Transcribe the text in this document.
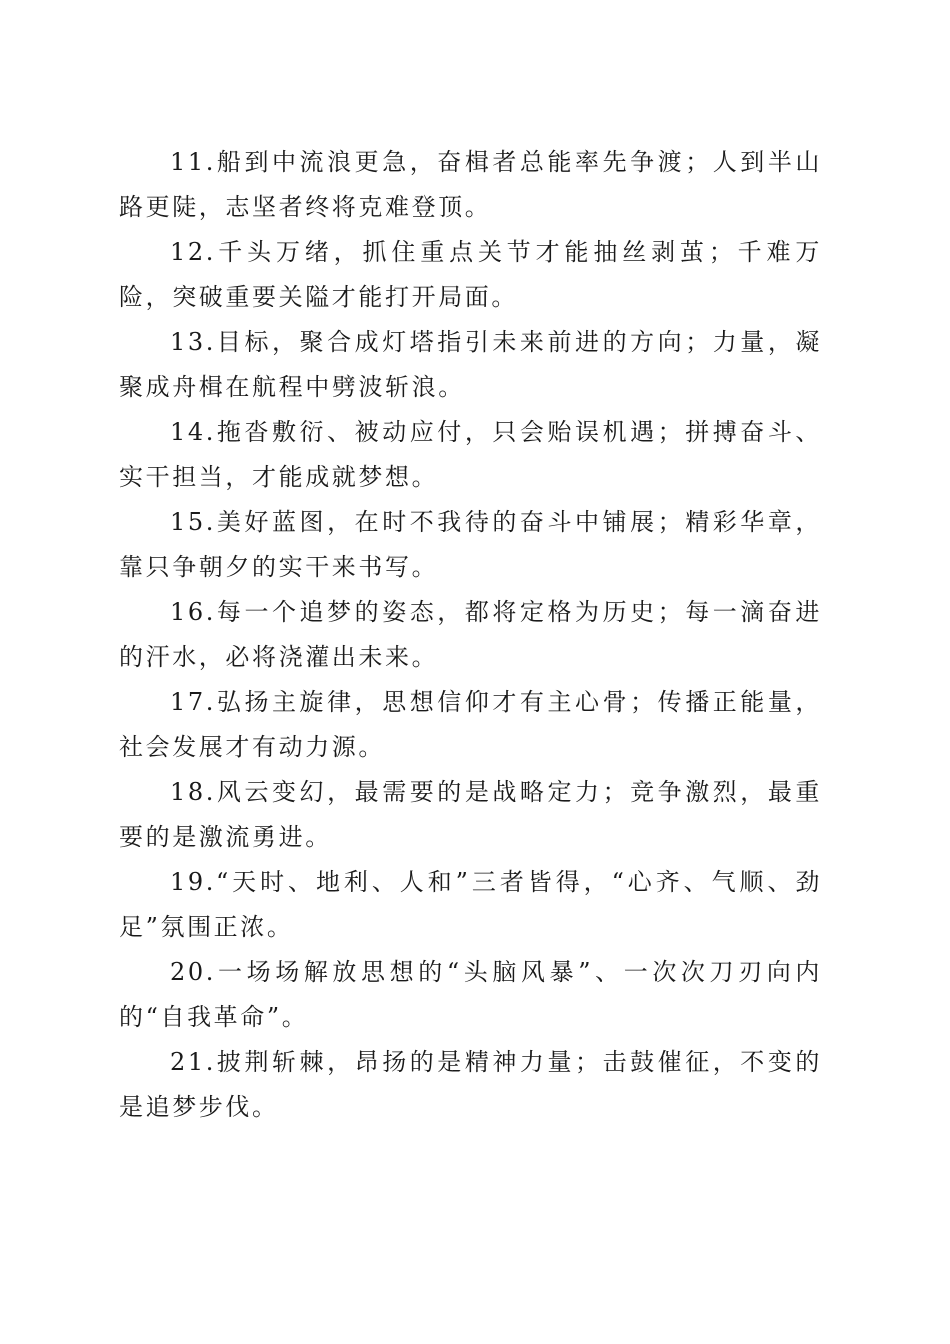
11.船到中流浪更急，奋楫者总能率先争渡；人到半山路更陡，志坚者终将克难登顶。

12.千头万绪，抓住重点关节才能抽丝剥茧；千难万险，突破重要关隘才能打开局面。

13.目标，聚合成灯塔指引未来前进的方向；力量，凝聚成舟楫在航程中劈波斩浪。

14.拖沓敷衍、被动应付，只会贻误机遇；拼搏奋斗、实干担当，才能成就梦想。

15.美好蓝图，在时不我待的奋斗中铺展；精彩华章，靠只争朝夕的实干来书写。

16.每一个追梦的姿态，都将定格为历史；每一滴奋进的汗水，必将浇灌出未来。

17.弘扬主旋律，思想信仰才有主心骨；传播正能量，社会发展才有动力源。

18.风云变幻，最需要的是战略定力；竞争激烈，最重要的是激流勇进。

19.“天时、地利、人和”三者皆得，“心齐、气顺、劲足”氛围正浓。

20.一场场解放思想的“头脑风暴”、一次次刀刃向内的“自我革命”。

21.披荆斩棘，昂扬的是精神力量；击鼓催征，不变的是追梦步伐。
